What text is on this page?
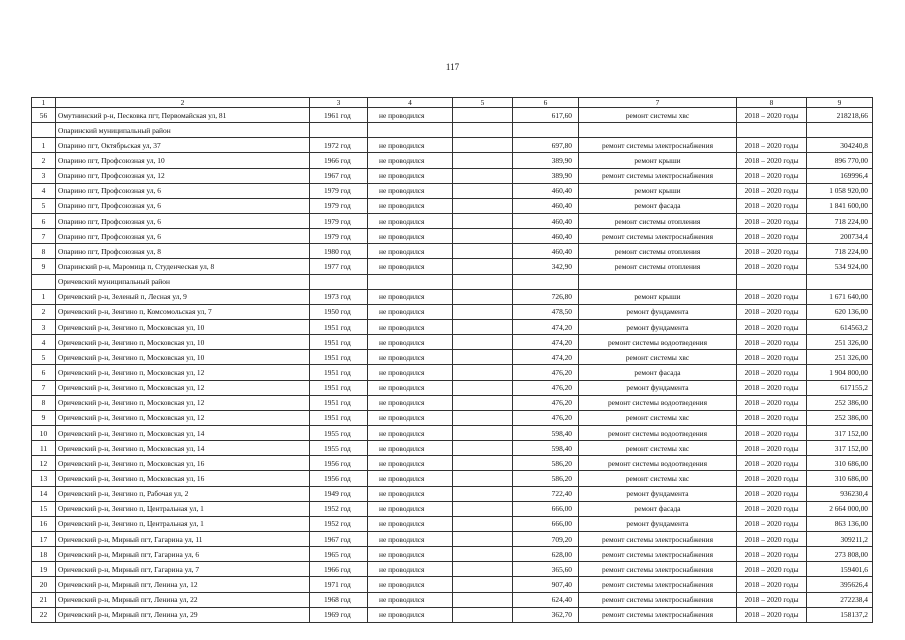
117
1	2	3	4	5	6	7	8	9
56	Омутнинский р-н, Песковка пгт, Первомайская ул, 81	1961 год	не проводился		617,60	ремонт системы хвс	2018 – 2020 годы	218218,66
	Опаринский муниципальный район							
1	Опарино пгт, Октябрьская ул, 37	1972 год	не проводился		697,80	ремонт системы электроснабжения	2018 – 2020 годы	304240,8
2	Опарино пгт, Профсоюзная ул, 10	1966 год	не проводился		389,90	ремонт крыши	2018 – 2020 годы	896 770,00
3	Опарино пгт, Профсоюзная ул, 12	1967 год	не проводился		389,90	ремонт системы электроснабжения	2018 – 2020 годы	169996,4
4	Опарино пгт, Профсоюзная ул, 6	1979 год	не проводился		460,40	ремонт крыши	2018 – 2020 годы	1 058 920,00
5	Опарино пгт, Профсоюзная ул, 6	1979 год	не проводился		460,40	ремонт фасада	2018 – 2020 годы	1 841 600,00
6	Опарино пгт, Профсоюзная ул, 6	1979 год	не проводился		460,40	ремонт системы отопления	2018 – 2020 годы	718 224,00
7	Опарино пгт, Профсоюзная ул, 6	1979 год	не проводился		460,40	ремонт системы электроснабжения	2018 – 2020 годы	200734,4
8	Опарино пгт, Профсоюзная ул, 8	1980 год	не проводился		460,40	ремонт системы отопления	2018 – 2020 годы	718 224,00
9	Опаринский р-н, Маромица п, Студенческая ул, 8	1977 год	не проводился		342,90	ремонт системы отопления	2018 – 2020 годы	534 924,00
	Оричевский муниципальный район							
1	Оричевский р-н, Зеленый п, Лесная ул, 9	1973 год	не проводился		726,80	ремонт крыши	2018 – 2020 годы	1 671 640,00
2	Оричевский р-н, Зенгино п, Комсомольская ул, 7	1950 год	не проводился		478,50	ремонт фундамента	2018 – 2020 годы	620 136,00
3	Оричевский р-н, Зенгино п, Московская ул, 10	1951 год	не проводился		474,20	ремонт фундамента	2018 – 2020 годы	614563,2
4	Оричевский р-н, Зенгино п, Московская ул, 10	1951 год	не проводился		474,20	ремонт системы водоотведения	2018 – 2020 годы	251 326,00
5	Оричевский р-н, Зенгино п, Московская ул, 10	1951 год	не проводился		474,20	ремонт системы хвс	2018 – 2020 годы	251 326,00
6	Оричевский р-н, Зенгино п, Московская ул, 12	1951 год	не проводился		476,20	ремонт фасада	2018 – 2020 годы	1 904 800,00
7	Оричевский р-н, Зенгино п, Московская ул, 12	1951 год	не проводился		476,20	ремонт фундамента	2018 – 2020 годы	617155,2
8	Оричевский р-н, Зенгино п, Московская ул, 12	1951 год	не проводился		476,20	ремонт системы водоотведения	2018 – 2020 годы	252 386,00
9	Оричевский р-н, Зенгино п, Московская ул, 12	1951 год	не проводился		476,20	ремонт системы хвс	2018 – 2020 годы	252 386,00
10	Оричевский р-н, Зенгино п, Московская ул, 14	1955 год	не проводился		598,40	ремонт системы водоотведения	2018 – 2020 годы	317 152,00
11	Оричевский р-н, Зенгино п, Московская ул, 14	1955 год	не проводился		598,40	ремонт системы хвс	2018 – 2020 годы	317 152,00
12	Оричевский р-н, Зенгино п, Московская ул, 16	1956 год	не проводился		586,20	ремонт системы водоотведения	2018 – 2020 годы	310 686,00
13	Оричевский р-н, Зенгино п, Московская ул, 16	1956 год	не проводился		586,20	ремонт системы хвс	2018 – 2020 годы	310 686,00
14	Оричевский р-н, Зенгино п, Рабочая ул, 2	1949 год	не проводился		722,40	ремонт фундамента	2018 – 2020 годы	936230,4
15	Оричевский р-н, Зенгино п, Центральная ул, 1	1952 год	не проводился		666,00	ремонт фасада	2018 – 2020 годы	2 664 000,00
16	Оричевский р-н, Зенгино п, Центральная ул, 1	1952 год	не проводился		666,00	ремонт фундамента	2018 – 2020 годы	863 136,00
17	Оричевский р-н, Мирный пгт, Гагарина ул, 11	1967 год	не проводился		709,20	ремонт системы электроснабжения	2018 – 2020 годы	309211,2
18	Оричевский р-н, Мирный пгт, Гагарина ул, 6	1965 год	не проводился		628,00	ремонт системы электроснабжения	2018 – 2020 годы	273 808,00
19	Оричевский р-н, Мирный пгт, Гагарина ул, 7	1966 год	не проводился		365,60	ремонт системы электроснабжения	2018 – 2020 годы	159401,6
20	Оричевский р-н, Мирный пгт, Ленина ул, 12	1971 год	не проводился		907,40	ремонт системы электроснабжения	2018 – 2020 годы	395626,4
21	Оричевский р-н, Мирный пгт, Ленина ул, 22	1968 год	не проводился		624,40	ремонт системы электроснабжения	2018 – 2020 годы	272238,4
22	Оричевский р-н, Мирный пгт, Ленина ул, 29	1969 год	не проводился		362,70	ремонт системы электроснабжения	2018 – 2020 годы	158137,2
